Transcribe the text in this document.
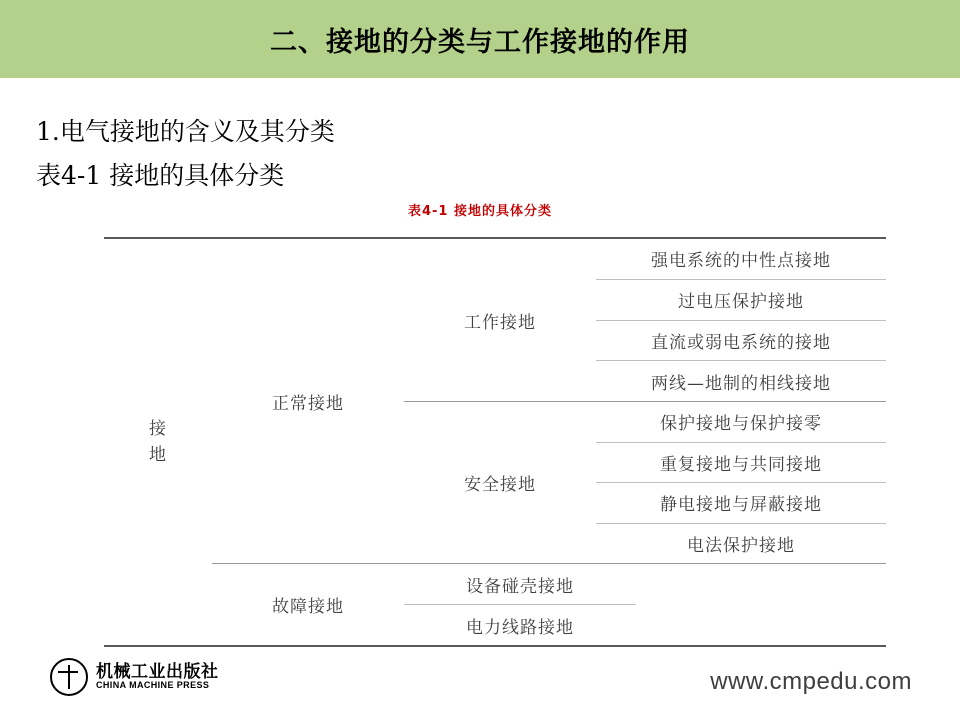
二、接地的分类与工作接地的作用
1.电气接地的含义及其分类
表4-1 接地的具体分类
表4-1 接地的具体分类
接
地
正常接地
工作接地
强电系统的中性点接地
过电压保护接地
直流或弱电系统的接地
两线—地制的相线接地
安全接地
保护接地与保护接零
重复接地与共同接地
静电接地与屏蔽接地
电法保护接地
故障接地
设备碰壳接地
电力线路接地
机械工业出版社
CHINA MACHINE PRESS	www.cmpedu.com
